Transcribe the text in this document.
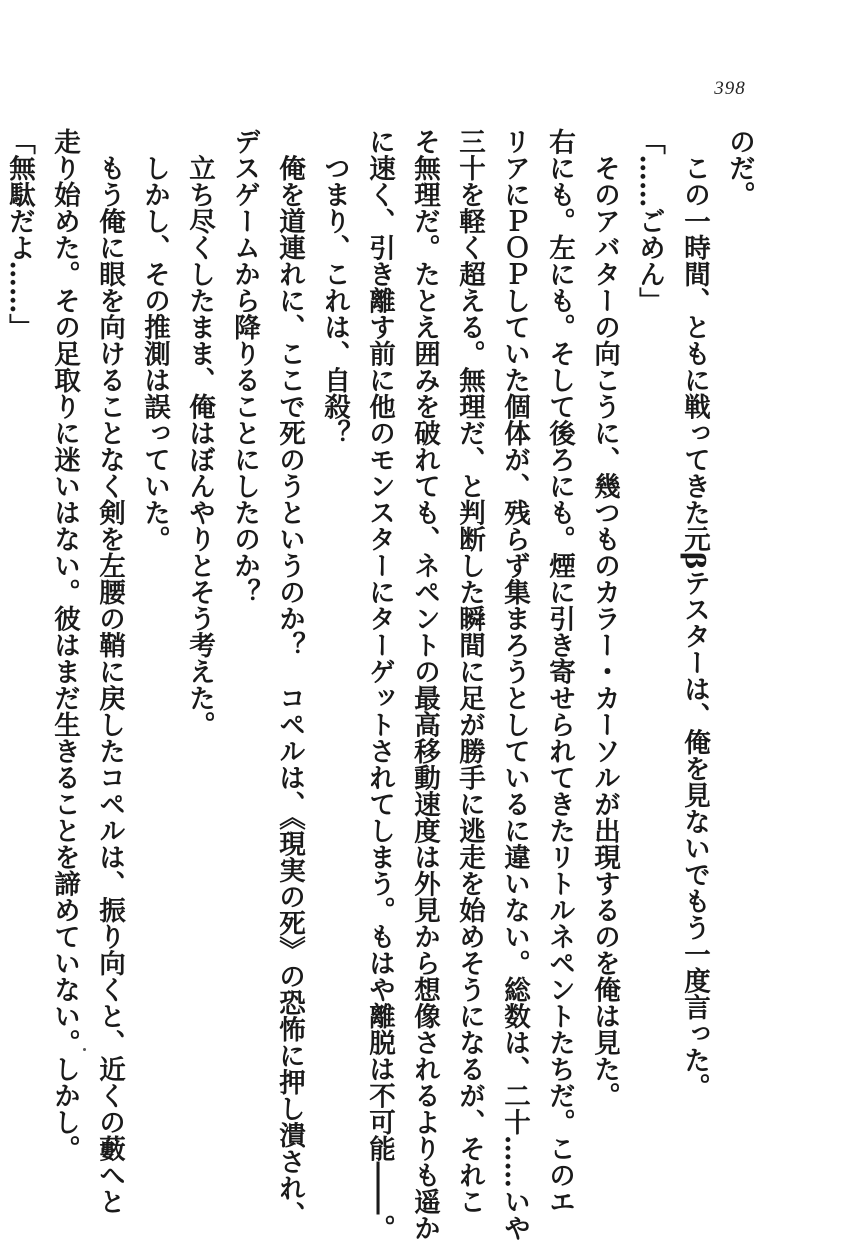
398
のだ。
　この一時間、ともに戦ってきた元βテスターは、俺を見ないでもう一度言った。
「……ごめん」
　そのアバターの向こうに、幾つものカラー・カーソルが出現するのを俺は見た。
右にも。左にも。そして後ろにも。煙に引き寄せられてきたリトルネペントたちだ。このエ
リアにＰＯＰしていた個体が、残らず集まろうとしているに違いない。総数は、二十……いや
三十を軽く超える。無理だ、と判断した瞬間に足が勝手に逃走を始めそうになるが、それこ
そ無理だ。たとえ囲みを破れても、ネペントの最高移動速度は外見から想像されるよりも遥か
に速く、引き離す前に他のモンスターにターゲットされてしまう。もはや離脱は不可能――。
　つまり、これは、自殺？
　俺を道連れに、ここで死のうというのか？　コペルは、《現実の死》の恐怖に押し潰され、
デスゲームから降りることにしたのか？
　立ち尽くしたまま、俺はぼんやりとそう考えた。
　しかし、その推測は誤っていた。
　もう俺に眼を向けることなく剣を左腰の鞘に戻したコペルは、振り向くと、近くの藪へと
走り始めた。その足取りに迷いはない。彼はまだ生きることを諦めていない。しかし。
「無駄だよ……」
